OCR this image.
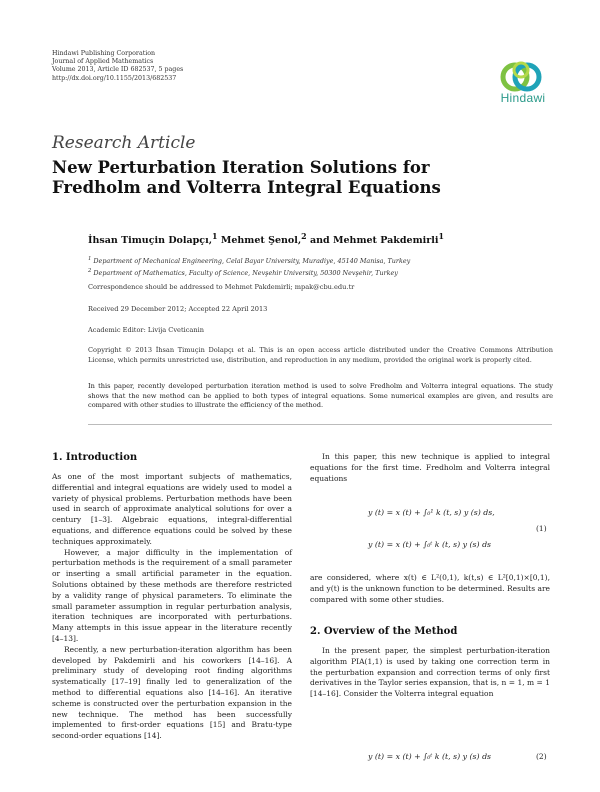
Hindawi Publishing Corporation
Journal of Applied Mathematics
Volume 2013, Article ID 682537, 5 pages
http://dx.doi.org/10.1155/2013/682537
Hindawi
Research Article
New Perturbation Iteration Solutions for Fredholm and Volterra Integral Equations
İhsan Timuçin Dolapçı,$^1$ Mehmet Şenol,$^2$ and Mehmet Pakdemirli$^1$
$^1$ Department of Mechanical Engineering, Celal Bayar University, Muradiye, 45140 Manisa, Turkey
$^2$ Department of Mathematics, Faculty of Science, Nevşehir University, 50300 Nevşehir, Turkey
Correspondence should be addressed to Mehmet Pakdemirli; mpak@cbu.edu.tr
Received 29 December 2012; Accepted 22 April 2013
Academic Editor: Livija Cveticanin
Copyright © 2013 İhsan Timuçin Dolapçı et al. This is an open access article distributed under the Creative Commons Attribution License, which permits unrestricted use, distribution, and reproduction in any medium, provided the original work is properly cited.
In this paper, recently developed perturbation iteration method is used to solve Fredholm and Volterra integral equations. The study shows that the new method can be applied to both types of integral equations. Some numerical examples are given, and results are compared with other studies to illustrate the efficiency of the method.
1. Introduction

As one of the most important subjects of mathematics, differential and integral equations are widely used to model a variety of physical problems. Perturbation methods have been used in search of approximate analytical solutions for over a century [1–3]. Algebraic equations, integral-differential equations, and difference equations could be solved by these techniques approximately.

However, a major difficulty in the implementation of perturbation methods is the requirement of a small parameter or inserting a small artificial parameter in the equation. Solutions obtained by these methods are therefore restricted by a validity range of physical parameters. To eliminate the small parameter assumption in regular perturbation analysis, iteration techniques are incorporated with perturbations. Many attempts in this issue appear in the literature recently [4–13].

Recently, a new perturbation-iteration algorithm has been developed by Pakdemirli and his coworkers [14–16]. A preliminary study of developing root finding algorithms systematically [17–19] finally led to generalization of the method to differential equations also [14–16]. An iterative scheme is constructed over the perturbation expansion in the new technique. The method has been successfully implemented to first-order equations [15] and Bratu-type second-order equations [14].

In this paper, this new technique is applied to integral equations for the first time. Fredholm and Volterra integral equations

y (t) = x (t) + ∫₀¹ k (t, s) y (s) ds,
y (t) = x (t) + ∫₀ᵗ k (t, s) y (s) ds
(1)

are considered, where x(t) ∈ L²(0,1), k(t,s) ∈ L²[0,1)×[0,1), and y(t) is the unknown function to be determined. Results are compared with some other studies.

2. Overview of the Method

In the present paper, the simplest perturbation-iteration algorithm PIA(1,1) is used by taking one correction term in the perturbation expansion and correction terms of only first derivatives in the Taylor series expansion, that is, n = 1, m = 1 [14–16]. Consider the Volterra integral equation

y (t) = x (t) + ∫₀ᵗ k (t, s) y (s) ds	(2)
